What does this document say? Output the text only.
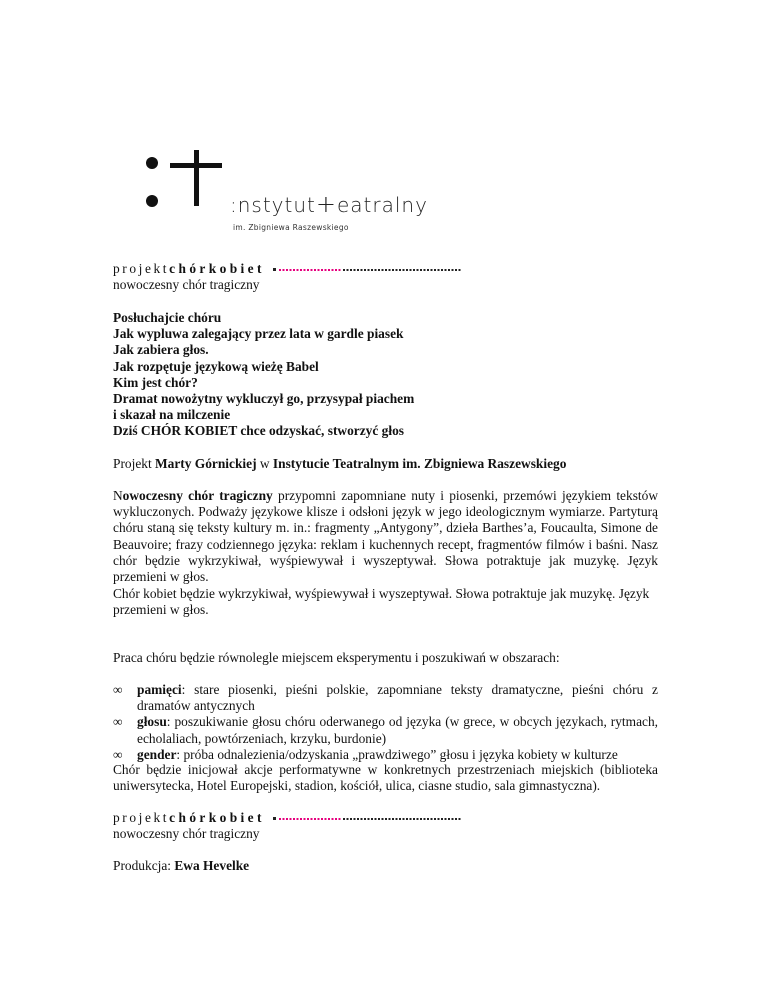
:nstytut+eatralny
im. Zbigniewa Raszewskiego
projektchórkobiet
nowoczesny chór tragiczny
Posłuchajcie chóru
Jak wypluwa zalegający przez lata w gardle piasek
Jak zabiera głos.
Jak rozpętuje językową wieżę Babel
Kim jest chór?
Dramat nowożytny wykluczył go, przysypał piachem
i skazał na milczenie
Dziś CHÓR KOBIET chce odzyskać, stworzyć głos
Projekt Marty Górnickiej w Instytucie Teatralnym im. Zbigniewa Raszewskiego
Nowoczesny chór tragiczny przypomni zapomniane nuty i piosenki, przemówi językiem tekstów wykluczonych. Podważy językowe klisze i odsłoni język w jego ideologicznym wymiarze. Partyturą chóru staną się teksty kultury m. in.: fragmenty „Antygony”, dzieła Barthes’a, Foucaulta, Simone de Beauvoire; frazy codziennego języka: reklam i kuchennych recept, fragmentów filmów i baśni. Nasz chór będzie wykrzykiwał, wyśpiewywał i wyszeptywał. Słowa potraktuje jak muzykę. Język przemieni w głos.
Chór kobiet będzie wykrzykiwał, wyśpiewywał i wyszeptywał. Słowa potraktuje jak muzykę. Język przemieni w głos.
Praca chóru będzie równolegle miejscem eksperymentu i poszukiwań w obszarach:
∞ pamięci: stare piosenki, pieśni polskie, zapomniane teksty dramatyczne, pieśni chóru z dramatów antycznych
∞ głosu: poszukiwanie głosu chóru oderwanego od języka (w grece, w obcych językach, rytmach, echolaliach, powtórzeniach, krzyku, burdonie)
∞ gender: próba odnalezienia/odzyskania „prawdziwego” głosu i języka kobiety w kulturze
Chór będzie inicjował akcje performatywne w konkretnych przestrzeniach miejskich (biblioteka uniwersytecka, Hotel Europejski, stadion, kościół, ulica, ciasne studio, sala gimnastyczna).
projektchórkobiet
nowoczesny chór tragiczny
Produkcja: Ewa Hevelke
